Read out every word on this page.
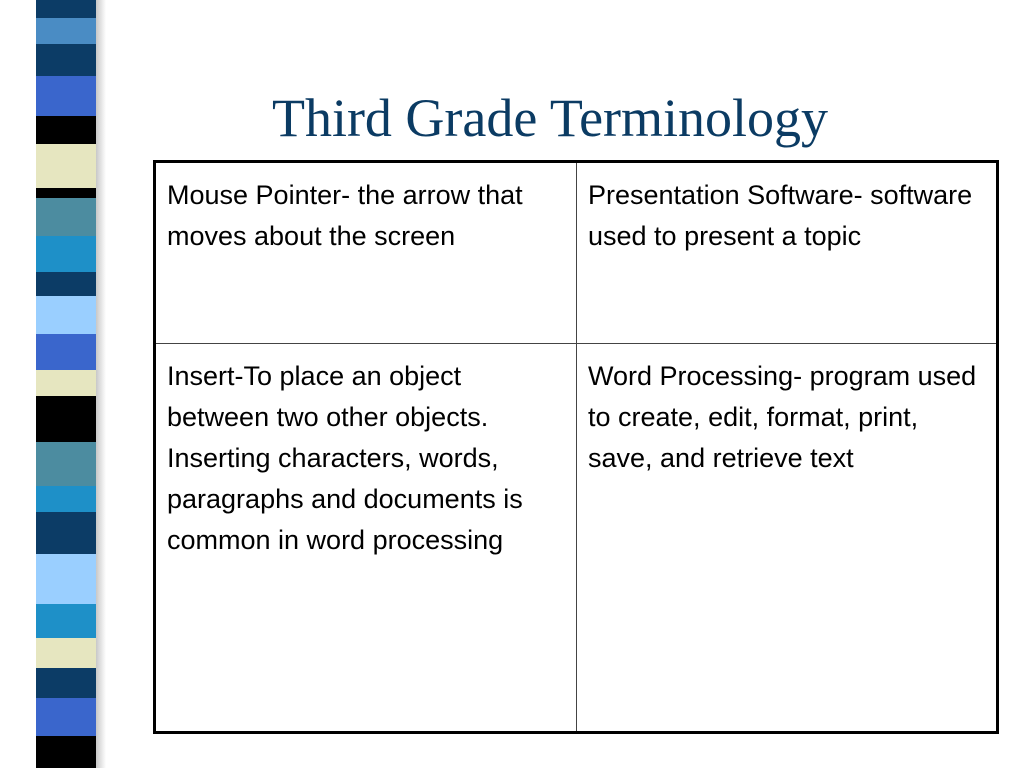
Third Grade Terminology
Mouse Pointer- the arrow that moves about the screen	Presentation Software- software used to present a topic
Insert-To place an object between two other objects. Inserting characters, words, paragraphs and documents is common in word processing	Word Processing- program used to create, edit, format, print, save, and retrieve text
